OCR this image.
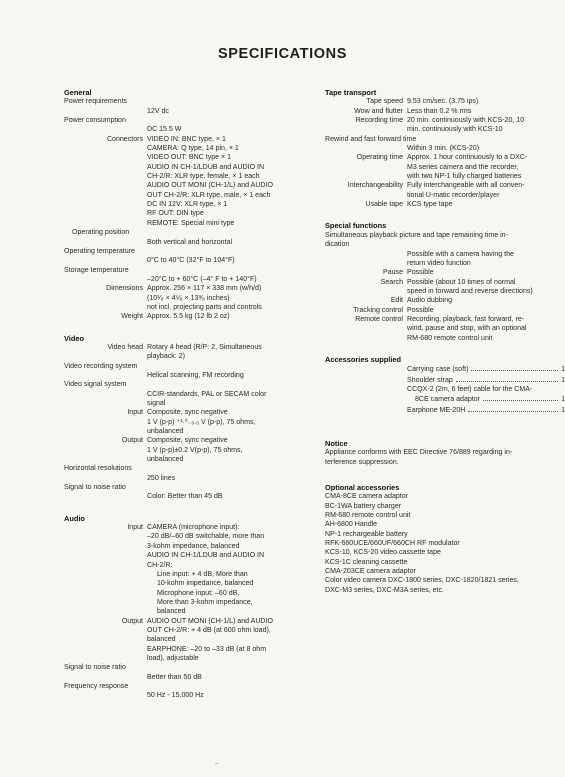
SPECIFICATIONS
General
Power requirements
12V dc
Power consumption
DC 15.5 W
Connectors VIDEO IN: BNC type, × 1
CAMERA: Q type, 14 pin, × 1
VIDEO OUT: BNC type × 1
AUDIO IN CH-1/LDUB and AUDIO IN
CH-2/R: XLR type, female, × 1 each
AUDIO OUT MONI (CH-1/L) and AUDIO
OUT CH-2/R: XLR type, male, × 1 each
DC IN 12V: XLR type, × 1
RF OUT: DIN type
REMOTE: Special mini type
Operating position
Both vertical and horizontal
Operating temperature
0°C to 40°C (32°F to 104°F)
Storage temperature
–20°C to + 60°C (–4° F to + 140°F)
Dimensions Approx. 256 × 117 × 338 mm (w/h/d)
(10¹⁄₈ × 4⁵⁄₈ × 13³⁄₈ inches)
not incl. projecting parts and controls
Weight Approx. 5.5 kg (12 lb 2 oz)
Video
Video head Rotary 4 head (R/P: 2, Simultaneous
playback: 2)
Video recording system
Helical scanning, FM recording
Video signal system
CCIR-standards, PAL or SECAM color
signal
Input Composite, sync negative
1 V (p-p) ⁺¹·⁰₋₀.₅ V (p-p), 75 ohms,
unbalanced
Output Composite, sync negative
1 V (p-p)±0.2 V(p-p), 75 ohms,
unbalanced
Horizontal resolutions
250 lines
Signal to noise ratio
Color: Better than 45 dB
Audio
Input CAMERA (microphone input):
–20 dB/–60 dB switchable, more than
3-kohm impedance, balanced
AUDIO IN CH-1/LDUB and AUDIO IN
CH-2/R:
Line input: + 4 dB, More than
10-kohm impedance, balanced
Microphone input: –60 dB,
More than 3-kohm impedance,
balanced
Output AUDIO OUT MONI (CH-1/L) and AUDIO
OUT CH-2/R: + 4 dB (at 600 ohm load),
balanced
EARPHONE: –20 to –33 dB (at 8 ohm
load), adjustable
Signal to noise ratio
Better than 50 dB
Frequency response
50 Hz - 15,000 Hz
Tape transport
Tape speed 9.53 cm/sec. (3.75 ips)
Wow and flutter Less than 0.2 % rms
Recording time 20 min. continuously with KCS-20, 10
min. continuously with KCS-10
Rewind and fast forward time
Within 3 min. (KCS-20)
Operating time Approx. 1 hour continuously to a DXC-
M3 series camera and the recorder,
with two NP-1 fully charged batteries
Interchangeability Fully interchangeable with all conven-
tional U-matic recorder/player
Usable tape KCS type tape
Special functions
Simultaneous playback picture and tape remaining time in-
dication
Possible with a camera having the
return video function
Pause Possible
Search Possible (about 10 times of normal
speed in forward and reverse directions)
Edit Audio dubbing
Tracking control Possible
Remote control Recording, playback, fast forward, re-
wind, pause and stop, with an optional
RM-680 remote control unit
Accessories supplied
Carrying case (soft)	1
Shoulder strap	1
CCQX-2 (2m, 6 feet) cable for the CMA-
8CE camera adaptor	1
Earphone ME-20H	1
Notice
Appliance conforms with EEC Directive 76/889 regarding in-
terference suppression.
Optional accessories
CMA-8CE camera adaptor
BC-1WA battery charger
RM-680 remote control unit
AH-6800 Handle
NP-1 rechargeable battery
RFK-660UCE/660UF/660CH RF modulator
KCS-10, KCS-20 video cassette tape
KCS-1C cleaning cassette
CMA-203CE camera adaptor
Color video camera DXC-1800 series, DXC-1820/1821 series,
DXC-M3 series, DXC-M3A series, etc.
